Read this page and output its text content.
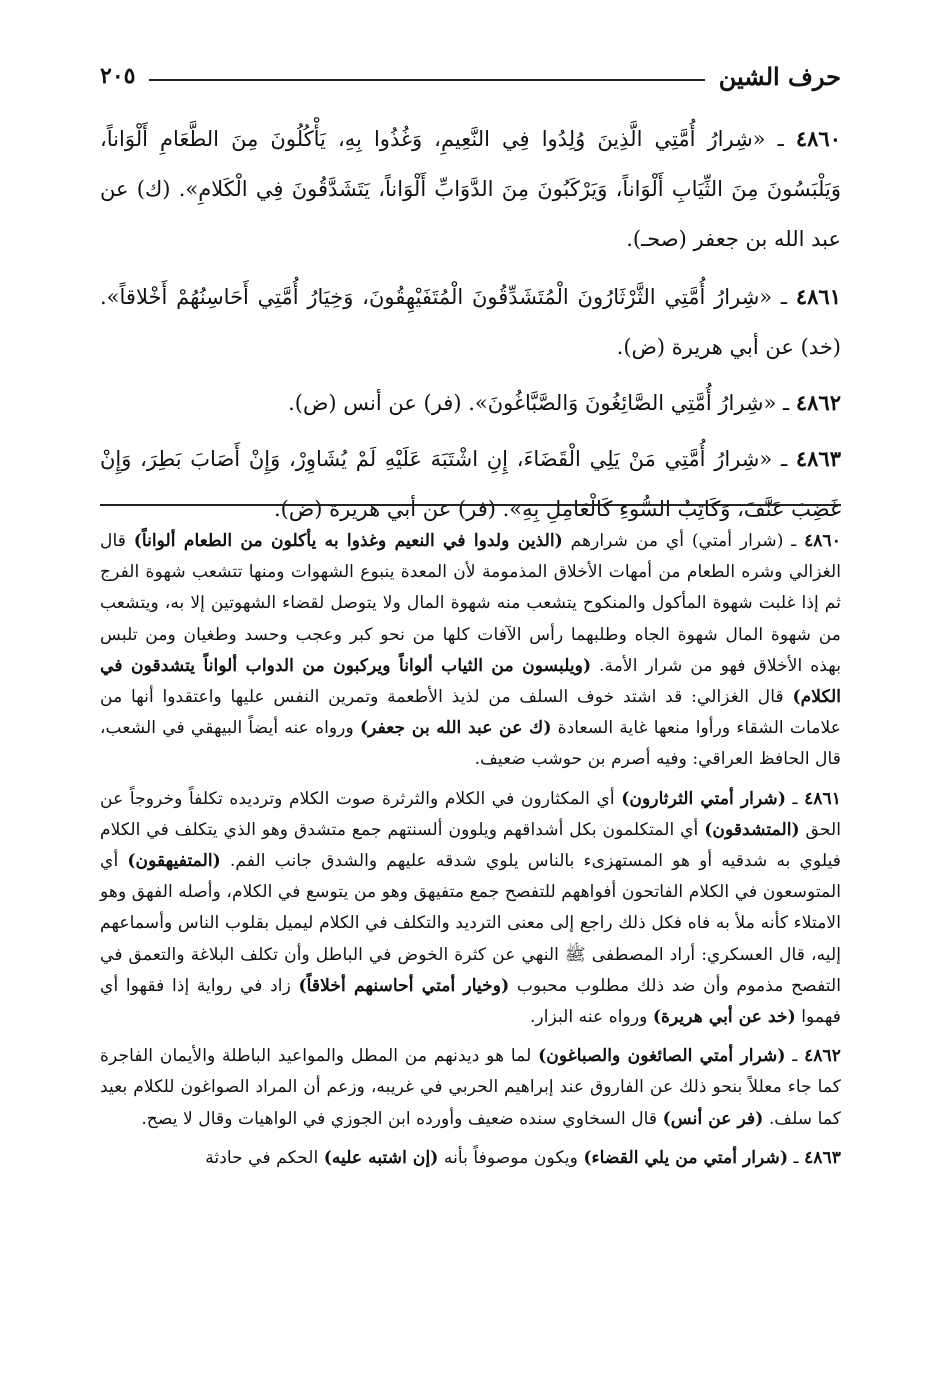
حرف الشين
٢٠٥

٤٨٦٠ ـ «شِرارُ أُمَّتِي الَّذِينَ وُلِدُوا فِي النَّعِيمِ، وَغُذُوا بِهِ، يَأْكُلُونَ مِنَ الطَّعَامِ أَلْوَاناً، وَيَلْبَسُونَ مِنَ الثِّيَابِ أَلْوَاناً، وَيَرْكَبُونَ مِنَ الدَّوَابِّ أَلْوَاناً، يَتَشَدَّقُونَ فِي الْكَلامِ». (ك) عن عبد الله بن جعفر (صحـ).

٤٨٦١ ـ «شِرارُ أُمَّتِي الثَّرْثَارُونَ الْمُتَشَدِّقُونَ الْمُتَفَيْهِقُونَ، وَخِيَارُ أُمَّتِي أَحَاسِنُهُمْ أَخْلاقاً». (خد) عن أبي هريرة (ض).

٤٨٦٢ ـ «شِرارُ أُمَّتِي الصَّائِغُونَ وَالصَّبَّاغُونَ». (فر) عن أنس (ض).

٤٨٦٣ ـ «شِرارُ أُمَّتِي مَنْ يَلِي الْقَضَاءَ، إِنِ اشْتَبَهَ عَلَيْهِ لَمْ يُشَاوِرْ، وَإِنْ أَصَابَ بَطِرَ، وَإِنْ غَضِبَ عَنَّفَ، وَكَاتِبُ السُّوءِ كَالْعَامِلِ بِهِ». (فر) عن أبي هريرة (ض).

٤٨٦٠ ـ (شرار أمتي) أي من شرارهم (الذين ولدوا في النعيم وغذوا به يأكلون من الطعام ألواناً) قال الغزالي وشره الطعام من أمهات الأخلاق المذمومة لأن المعدة ينبوع الشهوات ومنها تتشعب شهوة الفرج ثم إذا غلبت شهوة المأكول والمنكوح يتشعب منه شهوة المال ولا يتوصل لقضاء الشهوتين إلا به، ويتشعب من شهوة المال شهوة الجاه وطلبهما رأس الآفات كلها من نحو كبر وعجب وحسد وطغيان ومن تلبس بهذه الأخلاق فهو من شرار الأمة. (ويلبسون من الثياب ألواناً ويركبون من الدواب ألواناً يتشدقون في الكلام) قال الغزالي: قد اشتد خوف السلف من لذيذ الأطعمة وتمرين النفس عليها واعتقدوا أنها من علامات الشقاء ورأوا منعها غاية السعادة (ك عن عبد الله بن جعفر) ورواه عنه أيضاً البيهقي في الشعب، قال الحافظ العراقي: وفيه أصرم بن حوشب ضعيف.

٤٨٦١ ـ (شرار أمتي الثرثارون) أي المكثارون في الكلام والثرثرة صوت الكلام وترديده تكلفاً وخروجاً عن الحق (المتشدقون) أي المتكلمون بكل أشداقهم ويلوون ألسنتهم جمع متشدق وهو الذي يتكلف في الكلام فيلوي به شدقيه أو هو المستهزىء بالناس يلوي شدقه عليهم والشدق جانب الفم. (المتفيهقون) أي المتوسعون في الكلام الفاتحون أفواههم للتفصح جمع متفيهق وهو من يتوسع في الكلام، وأصله الفهق وهو الامتلاء كأنه ملأ به فاه فكل ذلك راجع إلى معنى الترديد والتكلف في الكلام ليميل بقلوب الناس وأسماعهم إليه، قال العسكري: أراد المصطفى ﷺ النهي عن كثرة الخوض في الباطل وأن تكلف البلاغة والتعمق في التفصح مذموم وأن ضد ذلك مطلوب محبوب (وخيار أمتي أحاسنهم أخلاقاً) زاد في رواية إذا فقهوا أي فهموا (خد عن أبي هريرة) ورواه عنه البزار.

٤٨٦٢ ـ (شرار أمتي الصائغون والصباغون) لما هو ديدنهم من المطل والمواعيد الباطلة والأيمان الفاجرة كما جاء معللاً بنحو ذلك عن الفاروق عند إبراهيم الحربي في غريبه، وزعم أن المراد الصواغون للكلام بعيد كما سلف. (فر عن أنس) قال السخاوي سنده ضعيف وأورده ابن الجوزي في الواهيات وقال لا يصح.

٤٨٦٣ ـ (شرار أمتي من يلي القضاء) ويكون موصوفاً بأنه (إن اشتبه عليه) الحكم في حادثة
